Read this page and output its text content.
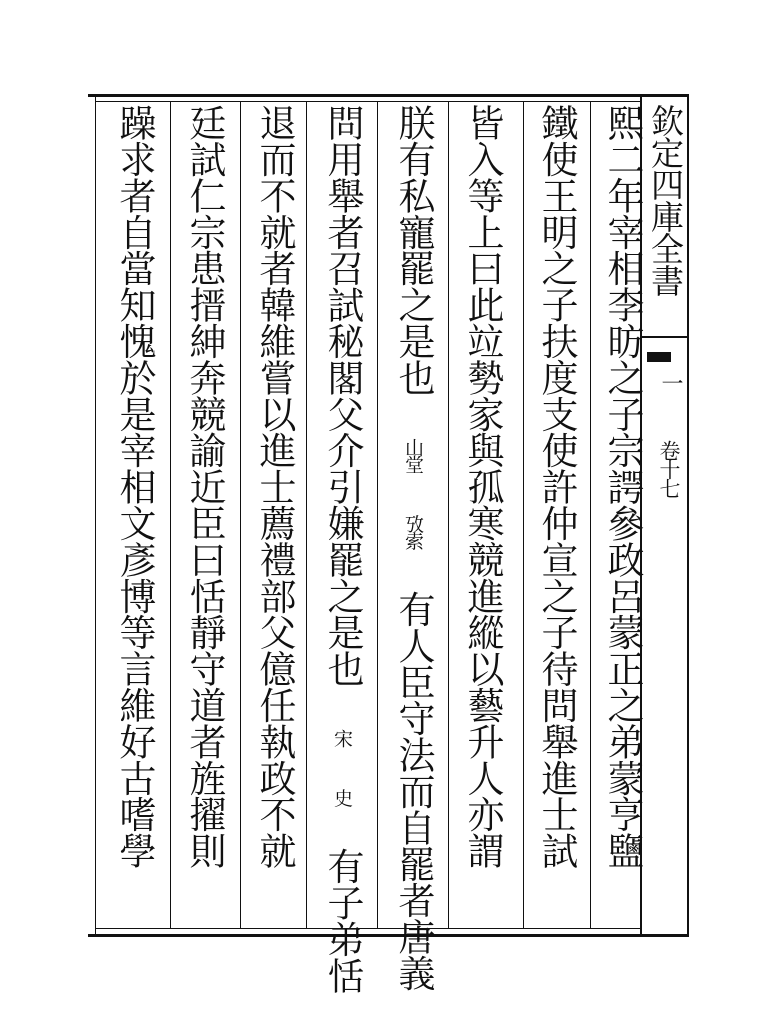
欽定四庫全書
一
卷十七
熙二年宰相李昉之子宗諤參政呂蒙正之弟蒙亨鹽
鐵使王明之子扶度支使許仲宣之子待問舉進士試
皆入等上曰此竝勢家與孤寒競進縱以藝升人亦謂
朕有私寵罷之是也 山堂 攷索 有人臣守法而自罷者唐義
問用舉者召試秘閣父介引嫌罷之是也 宋 史 有子弟恬
退而不就者韓維嘗以進士薦禮部父億任執政不就
廷試仁宗患搢紳奔競諭近臣曰恬靜守道者旌擢則
躁求者自當知愧於是宰相文彥博等言維好古嗜學
